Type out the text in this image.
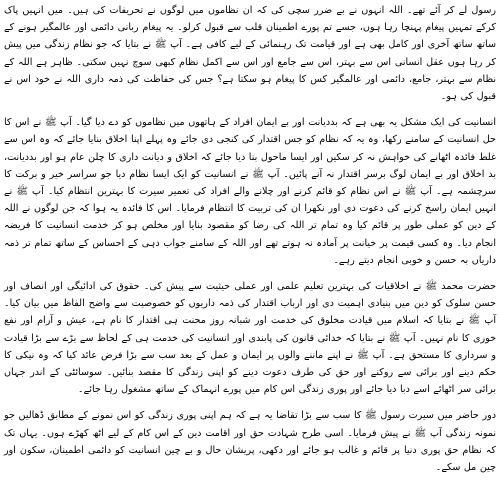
رسول لے کر آئے تھے۔ اللہ انہوں نے بے ضرر سچی کی کہ ان نظاموں میں لوگوں نے تحریفات کی ہیں۔ میں انہیں پاک کرکے تمہیں پیغام پہنچا رہا ہوں، جسے تم پورے اطمینان قلب سے قبول کرلو۔ یہ پیغام ربانی دائمی اور عالمگیر ہونے کے ساتھ ساتھ آخری اور کامل بھی ہے اور قیامت تک رہنمائی کے لیے کافی ہے۔ آپ ﷺ نے بتایا کہ جو نظام زندگی میں پیش کر رہا ہوں عقل انسانی اس سے بہتر، اس سے جامع اور اس سے اکمل نظام کبھی سوچ نہیں سکتی۔ ظاہر ہے اللہ کے نظام سے بہتر، جامع، دائمی اور عالمگیر کس کا پیغام ہو سکتا ہے؟ جس کی حفاظت کی ذمہ داری اللہ نے خود اس نے قبول کی ہو۔

انسانیت کی ایک مشکل یہ بھی ہے کہ بددیانت اور بے ایمان افراد کے ہاتھوں میں نظاموں کو دے دیا گیا۔ آپ ﷺ نے اس کا حل انسانیت کے سامنے رکھا، وہ یہ کہ نظام کو جس اقتدار کی کنجی دی جائے وہ پہلے اپنا اخلاق بنایا جائے کہ وہ اس سے غلط فائدہ اٹھانے کی خواہش نہ کر سکیں اور ایسا ماحول بنا دیا جائے کہ اخلاق و دیانت داری کا چلن عام ہو اور بددیانت، بد اخلاق اور بے ایمان لوگ برسر اقتدار نہ آنے پائیں۔ آپ ﷺ نے انسانیت کو ایک ایسا نظام دیا جو سراسر خیر و برکت کا سرچشمہ ہے۔ آپ ﷺ نے اس نظام کو قائم کرنے اور چلانے والے افراد کی تعمیر سیرت کا بہترین انتظام کیا۔ آپ ﷺ نے انہیں ایمان راسخ کرنے کی دعوت دی اور نکھرا ان کی تربیت کا انتظام فرمایا۔ اس کا فائدہ یہ ہوا کہ جن لوگوں نے اللہ کے دین کو عملی طور پر قائم کیا وہ تمام تر اللہ کی رضا کو مقصود بنایا اور مخلص ہو کر خدمت انسانیت کا فریضہ انجام دیا۔ وہ کسی قیمت پر خیانت پر آمادہ نہ ہوتے تھے اور اللہ کے سامنے جواب دہی کے احساس کے ساتھ تمام تر ذمہ داریاں بہ حسن و خوبی انجام دیتے رہے۔

حضرت محمد ﷺ نے اخلاقیات کی بہترین تعلیم علمی اور عملی حیثیت سے پیش کی۔ حقوق کی ادائیگی اور انصاف اور حسن سلوک کو دین میں بنیادی اہمیت دی اور ارباب اقتدار کی ذمہ داریوں کو خصوصیت سے واضح الفاظ میں بیان کیا۔ آپ ﷺ نے بتایا کہ اسلام میں قیادت مخلوق کی خدمت اور شبانہ روز محنت ہی اقتدار کا نام ہے، عیش و آرام اور نفع خوری کا نام نہیں۔ آپ ﷺ نے بتایا کہ خدائی قانون کی پابندی اور انسانیت کی خدمت ہی کے لحاظ سے بڑے سے بڑا قیادت و سرداری کا مستحق ہے۔ آپ ﷺ نے اپنے ماننے والوں پر ایمان و عمل کے بعد سب سے بڑا فرض عائد کیا کہ وہ نیکی کا حکم دینے اور برائی سے روکنے اور حق کی طرف دعوت دینے کو اپنی زندگی کا مقصد بنائیں۔ سوسائٹی کے اندر جہاں برائی سر اٹھائے اسے دبا دیا جائے اور پوری زندگی اس کام میں پورے انہماک کے ساتھ مشغول رہا جائے۔

دور حاضر میں سیرت رسول ﷺ کا سب سے بڑا تقاضا یہ ہے کہ ہم اپنی پوری زندگی کو اس نمونے کے مطابق ڈھالیں جو نمونہ زندگی آپ ﷺ نے پیش فرمایا۔ اسی طرح شہادت حق اور اقامت دین کے اس کام کے لیے اٹھ کھڑے ہوں۔ یہاں تک کہ نظام حق پوری دنیا پر قائم و غالب ہو جائے اور دکھی، پریشان حال و بے چین انسانیت کو دائمی اطمینان، سکون اور چین مل سکے۔
